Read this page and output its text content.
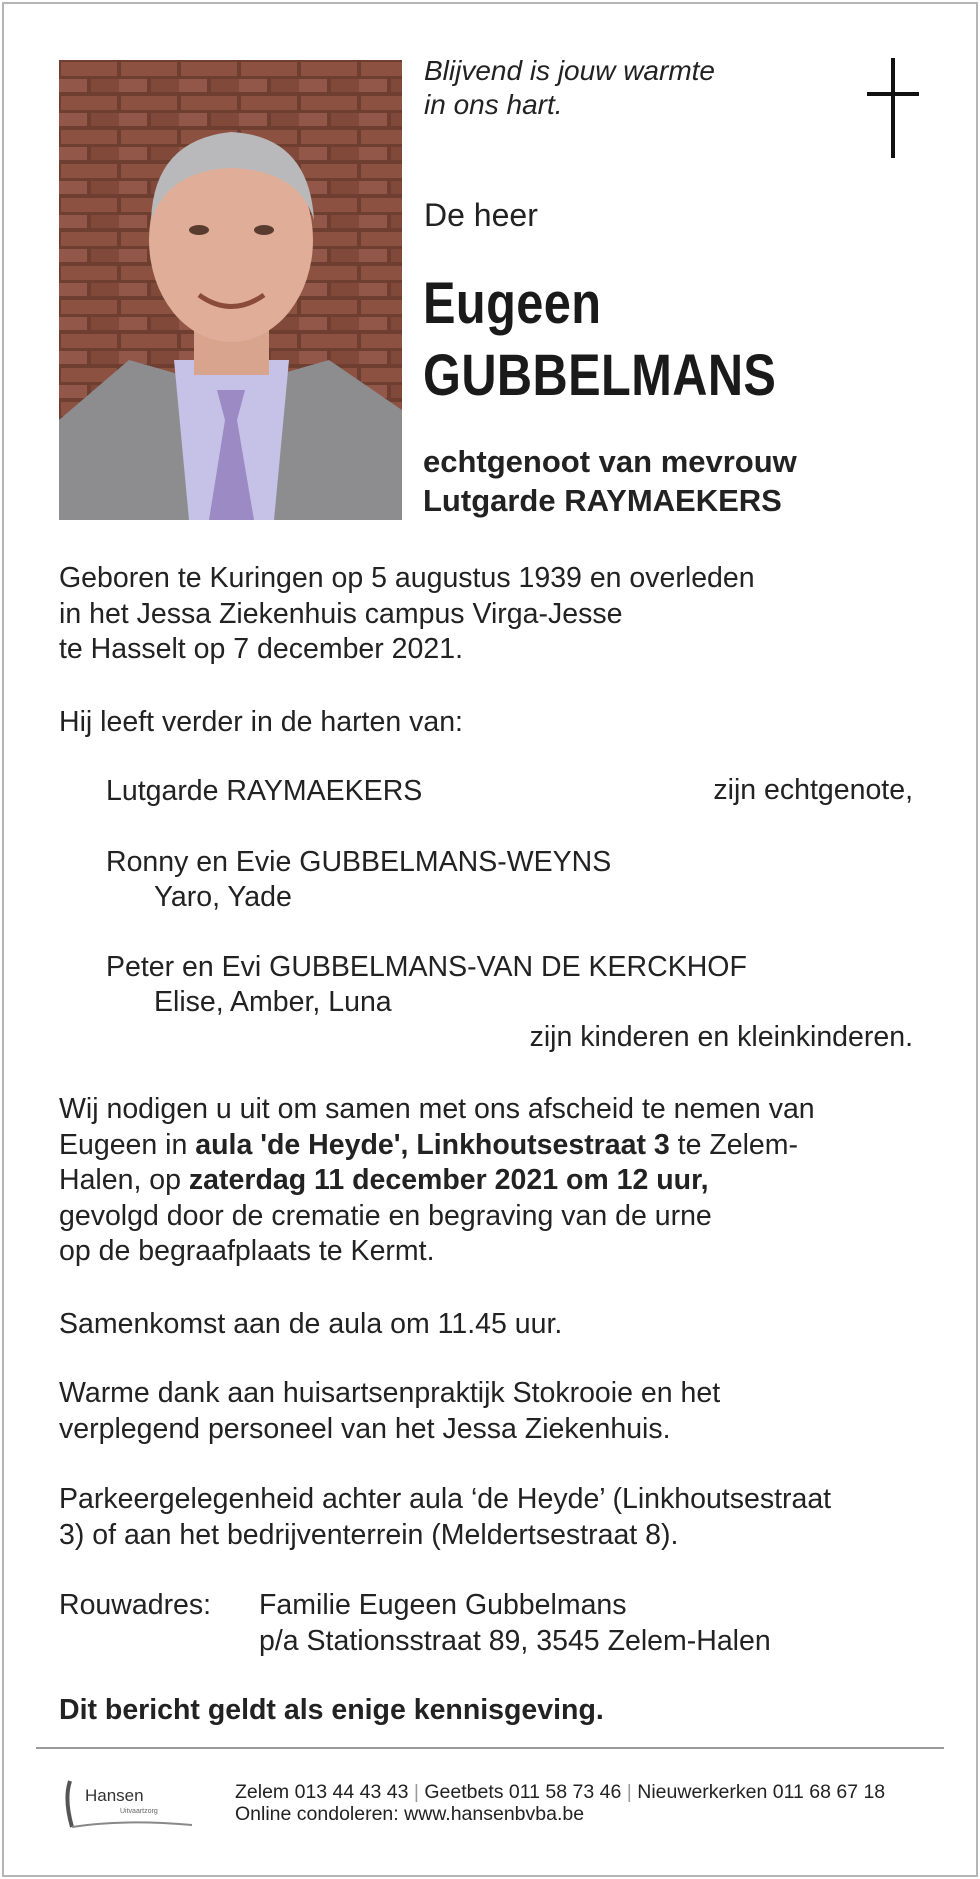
Blijvend is jouw warmte
in ons hart.
De heer
Eugeen
GUBBELMANS
echtgenoot van mevrouw
Lutgarde RAYMAEKERS
Geboren te Kuringen op 5 augustus 1939 en overleden
in het Jessa Ziekenhuis campus Virga-Jesse
te Hasselt op 7 december 2021.
Hij leeft verder in de harten van:
Lutgarde RAYMAEKERS	zijn echtgenote,
Ronny en Evie GUBBELMANS-WEYNS
Yaro, Yade
Peter en Evi GUBBELMANS-VAN DE KERCKHOF
Elise, Amber, Luna
zijn kinderen en kleinkinderen.
Wij nodigen u uit om samen met ons afscheid te nemen van
Eugeen in aula 'de Heyde', Linkhoutsestraat 3 te Zelem-
Halen, op zaterdag 11 december 2021 om 12 uur,
gevolgd door de crematie en begraving van de urne
op de begraafplaats te Kermt.
Samenkomst aan de aula om 11.45 uur.
Warme dank aan huisartsenpraktijk Stokrooie en het
verplegend personeel van het Jessa Ziekenhuis.
Parkeergelegenheid achter aula ‘de Heyde’ (Linkhoutsestraat
3) of aan het bedrijventerrein (Meldertsestraat 8).
Rouwadres: Familie Eugeen Gubbelmans
p/a Stationsstraat 89, 3545 Zelem-Halen
Dit bericht geldt als enige kennisgeving.
Hansen
Uitvaartzorg
Zelem 013 44 43 43 | Geetbets 011 58 73 46 | Nieuwerkerken 011 68 67 18
Online condoleren: www.hansenbvba.be
